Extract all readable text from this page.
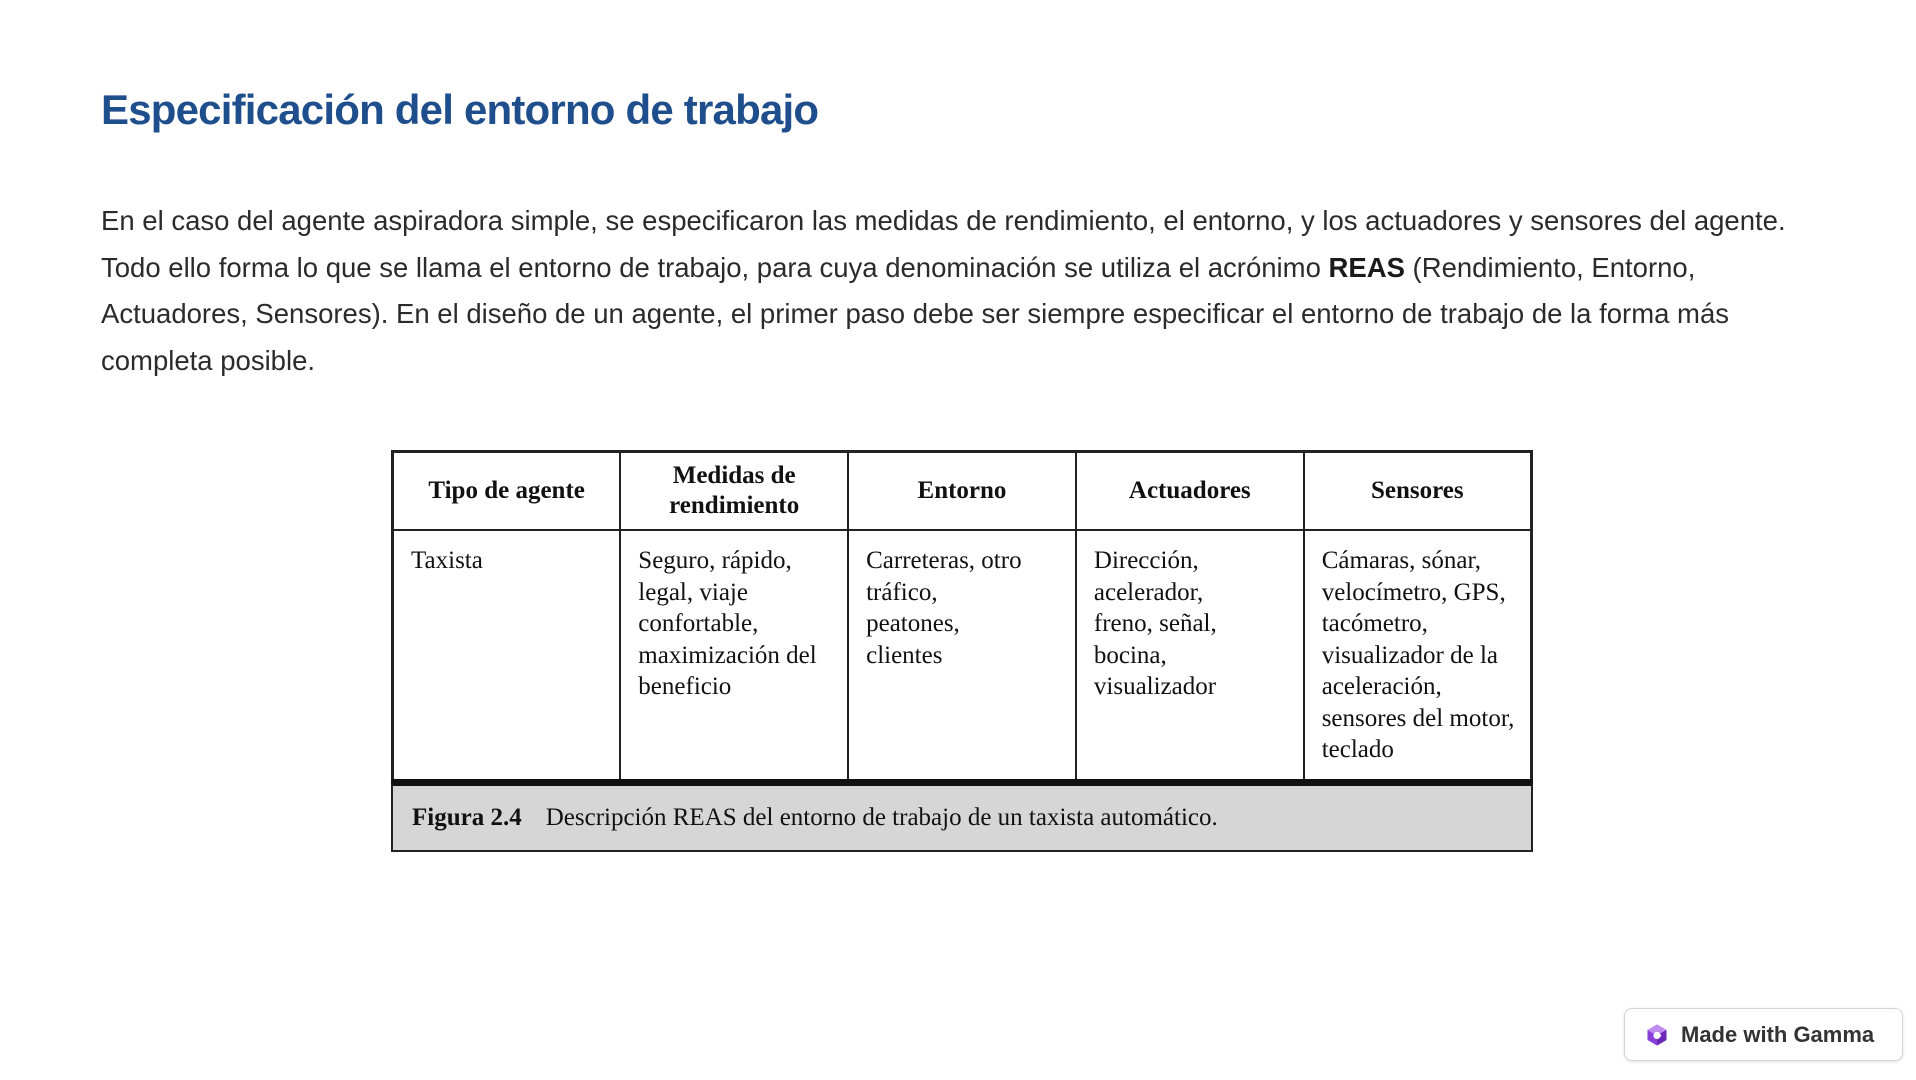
Especificación del entorno de trabajo

En el caso del agente aspiradora simple, se especificaron las medidas de rendimiento, el entorno, y los actuadores y sensores del agente. Todo ello forma lo que se llama el entorno de trabajo, para cuya denominación se utiliza el acrónimo REAS (Rendimiento, Entorno, Actuadores, Sensores). En el diseño de un agente, el primer paso debe ser siempre especificar el entorno de trabajo de la forma más completa posible.

Tipo de agente	Medidas de rendimiento	Entorno	Actuadores	Sensores
Taxista	Seguro, rápido, legal, viaje confortable, maximización del beneficio	Carreteras, otro tráfico, peatones, clientes	Dirección, acelerador, freno, señal, bocina, visualizador	Cámaras, sónar, velocímetro, GPS, tacómetro, visualizador de la aceleración, sensores del motor, teclado
Figura 2.4 Descripción REAS del entorno de trabajo de un taxista automático.
Made with Gamma
